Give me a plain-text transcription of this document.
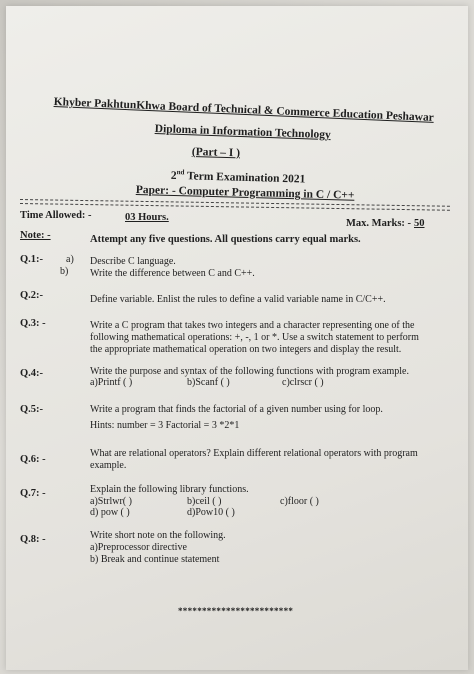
Khyber PakhtunKhwa Board of Technical & Commerce Education Peshawar
Diploma in Information Technology
(Part – I )
2nd Term Examination 2021
Paper: - Computer Programming in C / C++
Time Allowed: -	03 Hours.
Max. Marks: - 50
Note: -	Attempt any five questions. All questions carry equal marks.
Q.1:- a) Describe C language.
b) Write the difference between C and C++.
Q.2:-	Define variable. Enlist the rules to define a valid variable name in C/C++.
Q.3: -	Write a C program that takes two integers and a character representing one of the
following mathematical operations: +, -, 1 or *. Use a switch statement to perform
the appropriate mathematical operation on two integers and display the result.
Q.4:-	Write the purpose and syntax of the following functions with program example.
a)Printf ( )	b)Scanf ( )	c)clrscr ( )
Q.5:-	Write a program that finds the factorial of a given number using for loop.
Hints: number = 3 Factorial = 3 *2*1
Q.6: -
What are relational operators? Explain different relational operators with program
example.
Q.7: -	Explain the following library functions.
a)Strlwr( )	b)ceil ( )	c)floor ( )
d) pow ( )	d)Pow10 ( )
Q.8: -	Write short note on the following.
a)Preprocessor directive
b) Break and continue statement
************************
